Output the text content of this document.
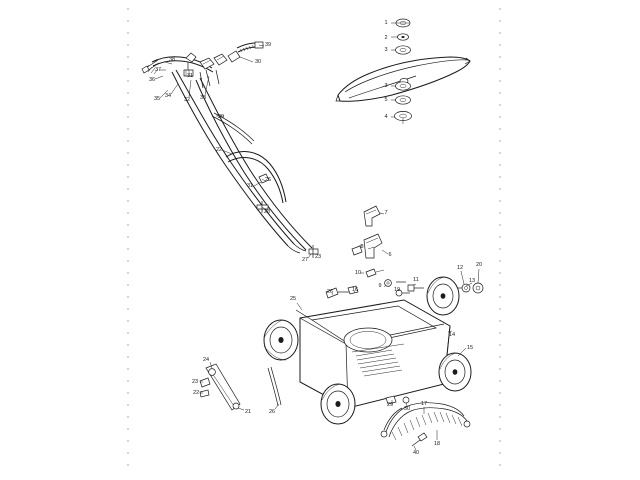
1
2
3
3
5
4
39
30
38
37
36
35 34
32 33
31
29
22
26
31
28
27 23
7
6
8
10
9
19
11
12
13
20
14
15
25
26	16
24
23
22
21	26
29
30
17
18
40
